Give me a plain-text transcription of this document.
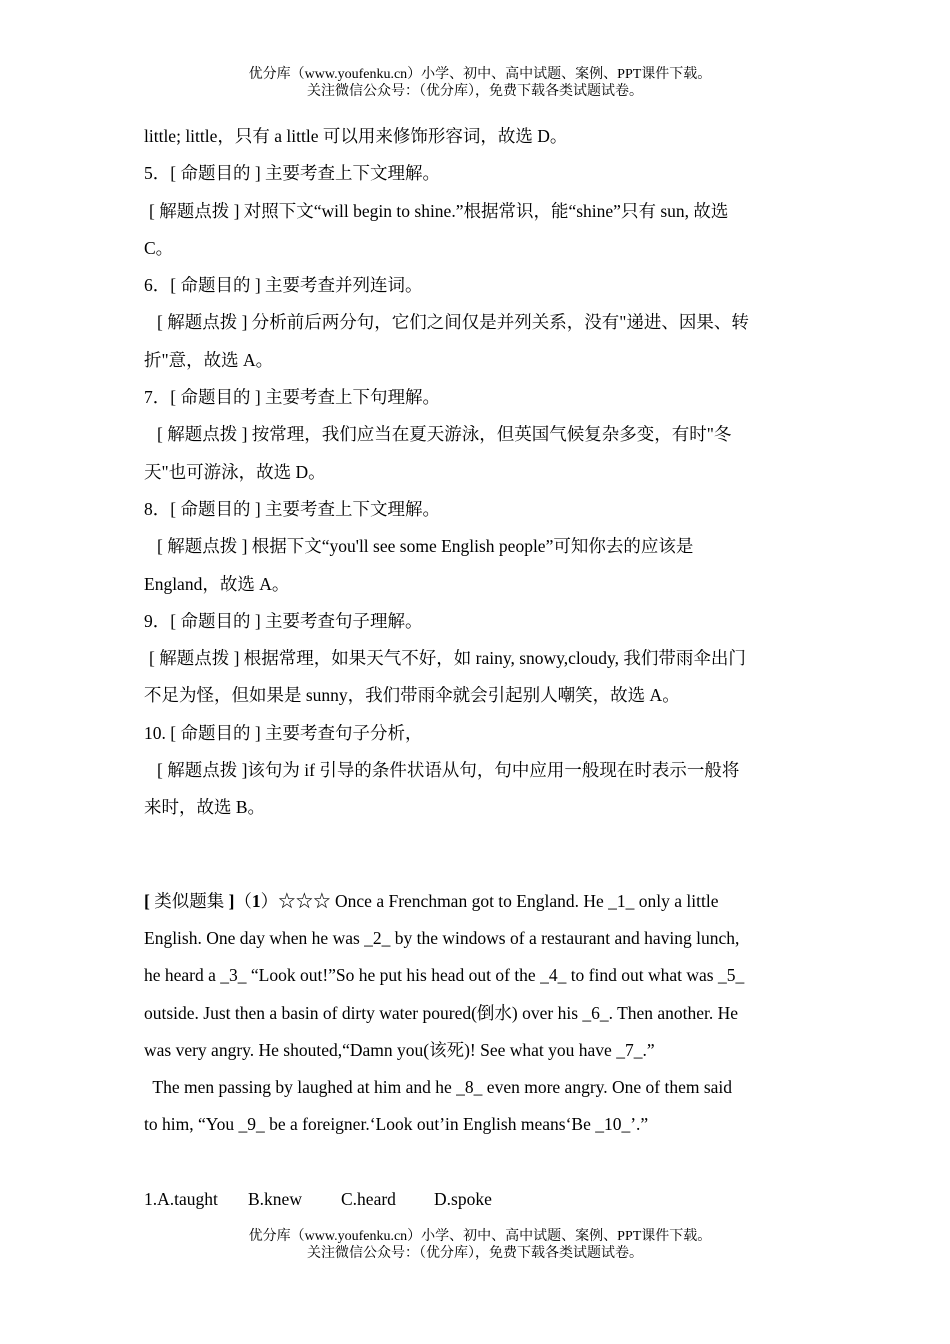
优分库（www.youfenku.cn）小学、初中、高中试题、案例、PPT课件下载。
关注微信公众号：（优分库），免费下载各类试题试卷。

little; little，只有 a little 可以用来修饰形容词，故选 D。

5．[ 命题目的 ] 主要考查上下文理解。

[ 解题点拨 ] 对照下文“will begin to shine.”根据常识，能“shine”只有 sun, 故选

C。

6．[ 命题目的 ] 主要考查并列连词。

[ 解题点拨 ] 分析前后两分句，它们之间仅是并列关系，没有"递进、因果、转

折"意，故选 A。

7．[ 命题目的 ] 主要考查上下句理解。

[ 解题点拨 ] 按常理，我们应当在夏天游泳，但英国气候复杂多变，有时"冬

天"也可游泳，故选 D。

8．[ 命题目的 ] 主要考查上下文理解。

[ 解题点拨 ] 根据下文“you'll see some English people”可知你去的应该是

England，故选 A。

9．[ 命题目的 ] 主要考查句子理解。

[ 解题点拨 ] 根据常理，如果天气不好，如 rainy, snowy,cloudy, 我们带雨伞出门

不足为怪，但如果是 sunny，我们带雨伞就会引起别人嘲笑，故选 A。

10. [ 命题目的 ] 主要考查句子分析，

[ 解题点拨 ]该句为 if 引导的条件状语从句，句中应用一般现在时表示一般将

来时，故选 B。

[ 类似题集 ]（1）☆☆☆ Once a Frenchman got to England. He _1_ only a little

English. One day when he was _2_ by the windows of a restaurant and having lunch,

he heard a _3_ “Look out!”So he put his head out of the _4_ to find out what was _5_

outside. Just then a basin of dirty water poured(倒水) over his _6_. Then another. He

was very angry. He shouted,“Damn you(该死)! See what you have _7_.”

The men passing by laughed at him and he _8_ even more angry. One of them said

to him, “You _9_ be a foreigner.‘Look out’in English means‘Be _10_’.”

1.A.taught B.knew C.heard D.spoke

优分库（www.youfenku.cn）小学、初中、高中试题、案例、PPT课件下载。
关注微信公众号：（优分库），免费下载各类试题试卷。
